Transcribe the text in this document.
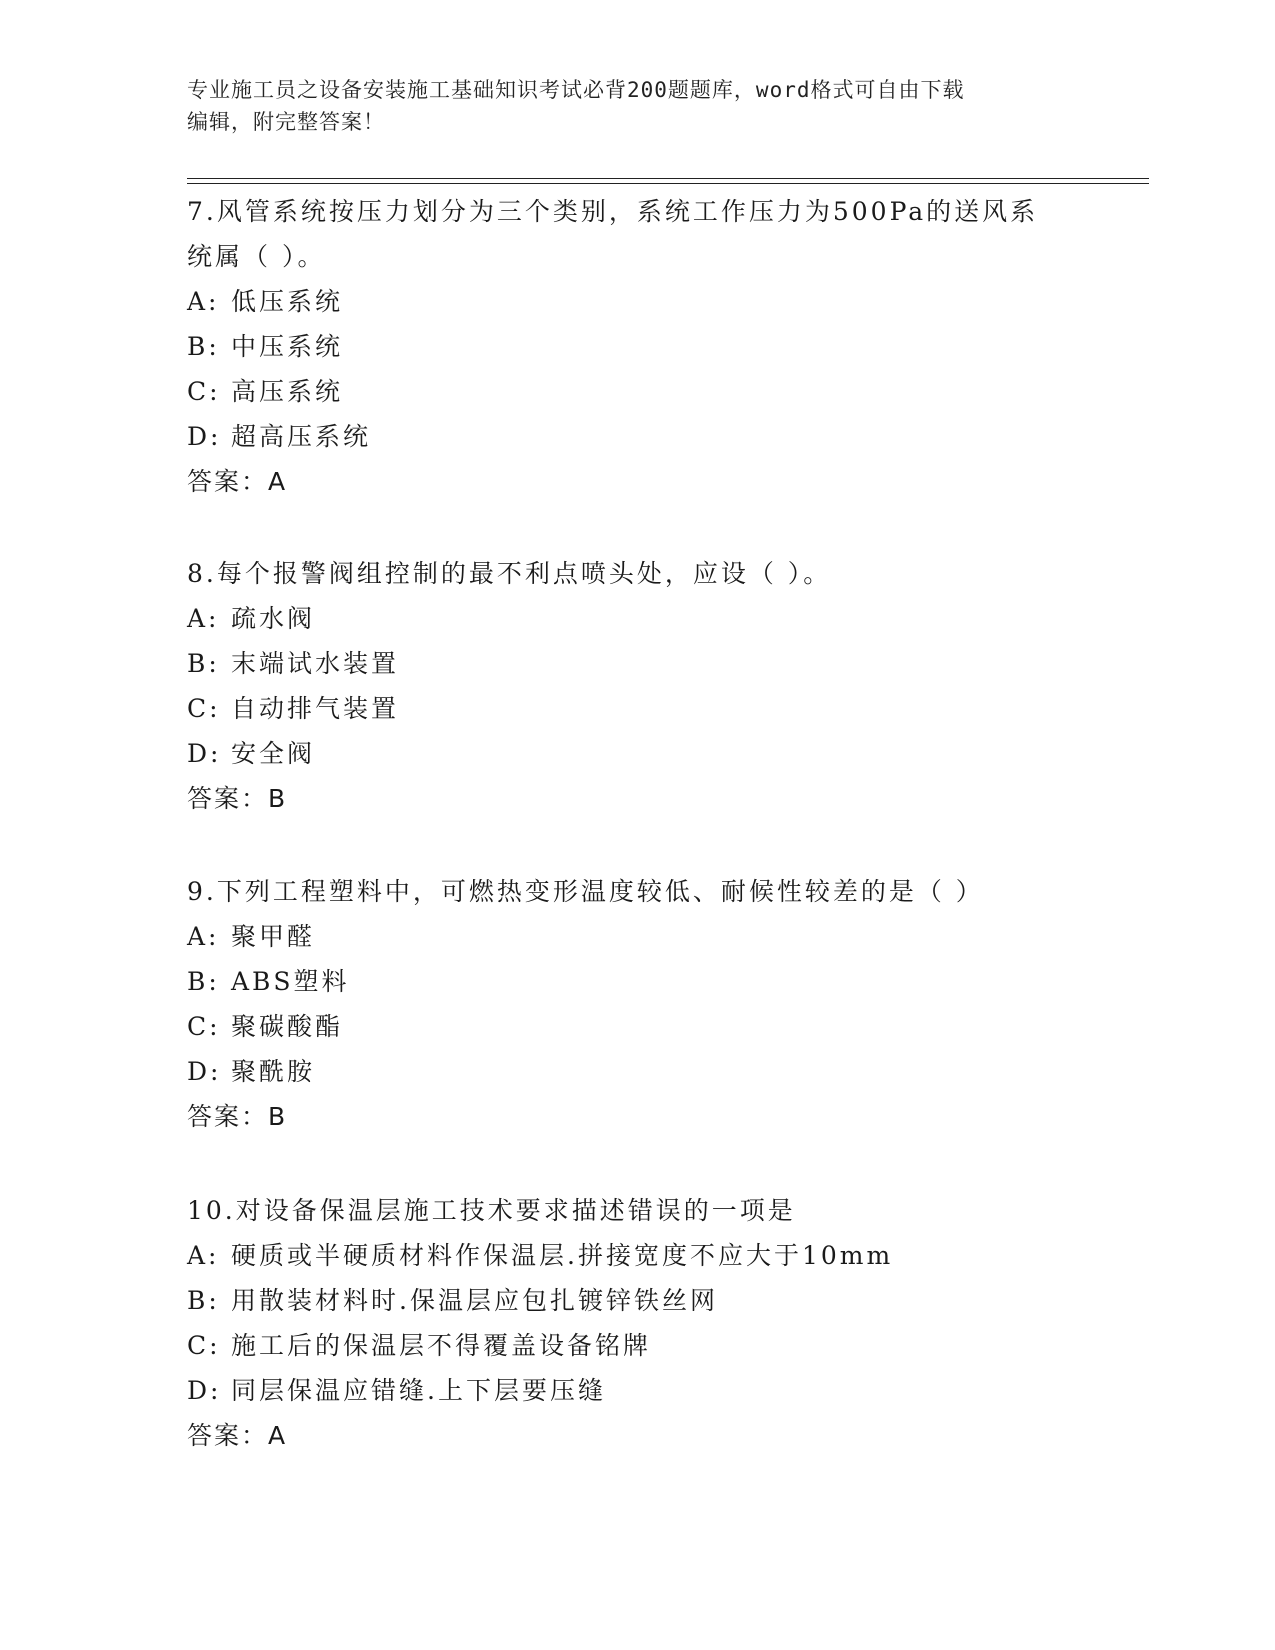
专业施工员之设备安装施工基础知识考试必背200题题库，word格式可自由下载
编辑，附完整答案！

7.风管系统按压力划分为三个类别，系统工作压力为500Pa的送风系

统属（ ）。

A: 低压系统

B: 中压系统

C: 高压系统

D: 超高压系统

答案：A

8.每个报警阀组控制的最不利点喷头处，应设（ ）。

A: 疏水阀

B: 末端试水装置

C: 自动排气装置

D: 安全阀

答案：B

9.下列工程塑料中，可燃热变形温度较低、耐候性较差的是（ ）

A: 聚甲醛

B: ABS塑料

C: 聚碳酸酯

D: 聚酰胺

答案：B

10.对设备保温层施工技术要求描述错误的一项是

A: 硬质或半硬质材料作保温层.拼接宽度不应大于10mm

B: 用散装材料时.保温层应包扎镀锌铁丝网

C: 施工后的保温层不得覆盖设备铭牌

D: 同层保温应错缝.上下层要压缝

答案：A
